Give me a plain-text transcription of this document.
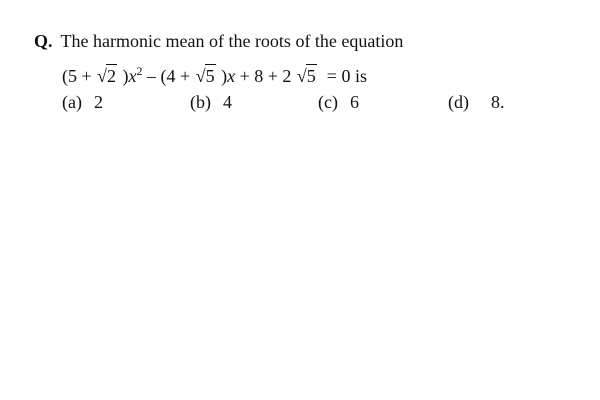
Q. The harmonic mean of the roots of the equation
(5 + √2 )$x^2 - (4 + √5$ )x + 8 + 2 √5  = 0 is
(a) 2	(b) 4	(c) 6	(d) 8.
